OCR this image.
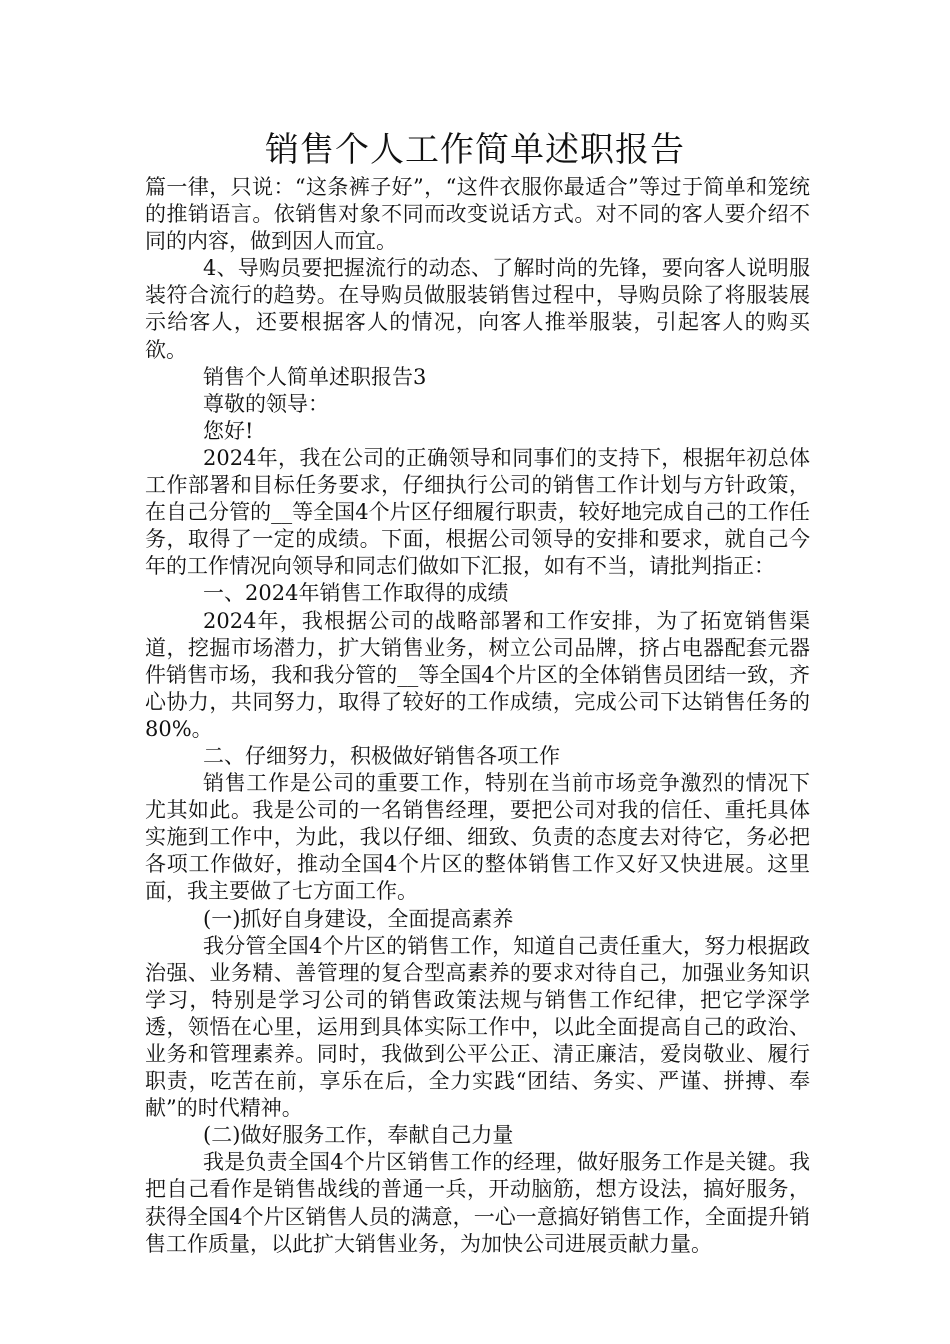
销售个人工作简单述职报告

篇一律，只说：“这条裤子好”，“这件衣服你最适合”等过于简单和笼统的推销语言。依销售对象不同而改变说话方式。对不同的客人要介绍不同的内容，做到因人而宜。

4、导购员要把握流行的动态、了解时尚的先锋，要向客人说明服装符合流行的趋势。在导购员做服装销售过程中，导购员除了将服装展示给客人，还要根据客人的情况，向客人推举服装，引起客人的购买欲。

销售个人简单述职报告3

尊敬的领导：

您好!

2024年，我在公司的正确领导和同事们的支持下，根据年初总体工作部署和目标任务要求，仔细执行公司的销售工作计划与方针政策，在自己分管的__等全国4个片区仔细履行职责，较好地完成自己的工作任务，取得了一定的成绩。下面，根据公司领导的安排和要求，就自己今年的工作情况向领导和同志们做如下汇报，如有不当，请批判指正：

一、2024年销售工作取得的成绩

2024年，我根据公司的战略部署和工作安排，为了拓宽销售渠道，挖掘市场潜力，扩大销售业务，树立公司品牌，挤占电器配套元器件销售市场，我和我分管的__等全国4个片区的全体销售员团结一致，齐心协力，共同努力，取得了较好的工作成绩，完成公司下达销售任务的80%。

二、仔细努力，积极做好销售各项工作

销售工作是公司的重要工作，特别在当前市场竞争激烈的情况下尤其如此。我是公司的一名销售经理，要把公司对我的信任、重托具体实施到工作中，为此，我以仔细、细致、负责的态度去对待它，务必把各项工作做好，推动全国4个片区的整体销售工作又好又快进展。这里面，我主要做了七方面工作。

(一)抓好自身建设，全面提高素养

我分管全国4个片区的销售工作，知道自己责任重大，努力根据政治强、业务精、善管理的复合型高素养的要求对待自己，加强业务知识学习，特别是学习公司的销售政策法规与销售工作纪律，把它学深学透，领悟在心里，运用到具体实际工作中，以此全面提高自己的政治、业务和管理素养。同时，我做到公平公正、清正廉洁，爱岗敬业、履行职责，吃苦在前，享乐在后，全力实践“团结、务实、严谨、拼搏、奉献”的时代精神。

(二)做好服务工作，奉献自己力量

我是负责全国4个片区销售工作的经理，做好服务工作是关键。我把自己看作是销售战线的普通一兵，开动脑筋，想方设法，搞好服务，获得全国4个片区销售人员的满意，一心一意搞好销售工作，全面提升销售工作质量，以此扩大销售业务，为加快公司进展贡献力量。
